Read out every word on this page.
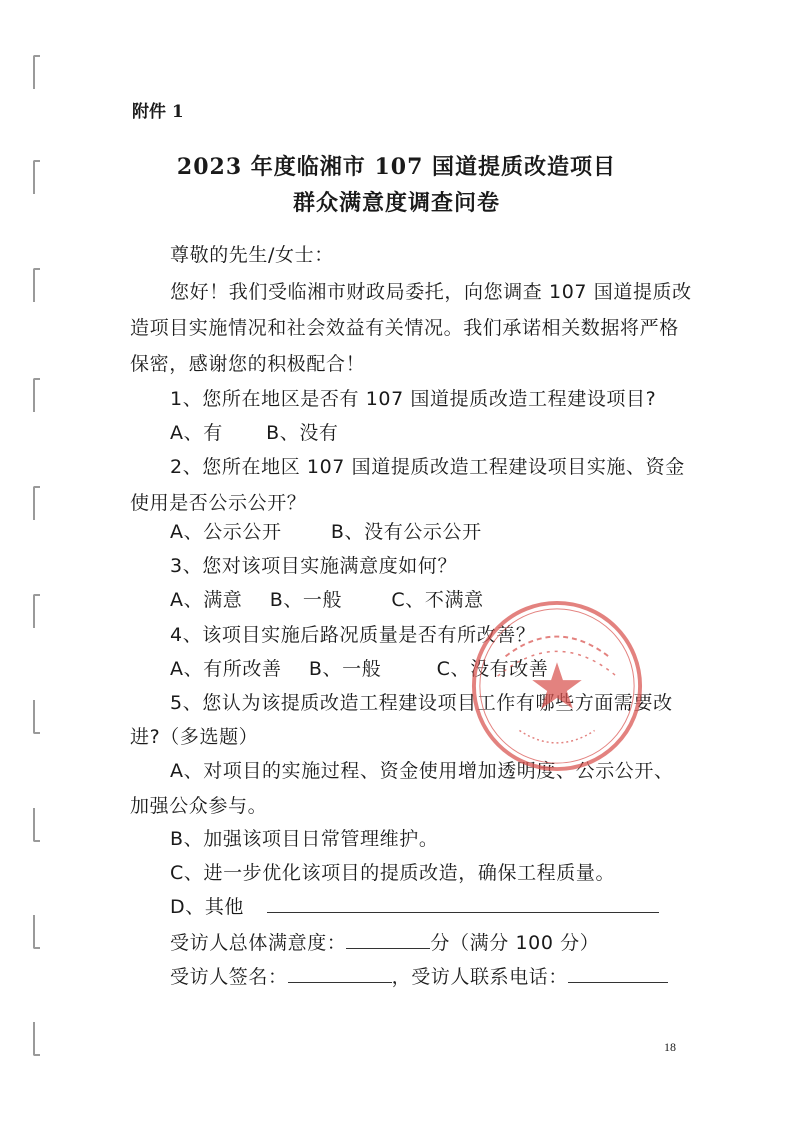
附件 1
2023 年度临湘市 107 国道提质改造项目
群众满意度调查问卷
尊敬的先生/女士：
您好！我们受临湘市财政局委托，向您调查 107 国道提质改
造项目实施情况和社会效益有关情况。我们承诺相关数据将严格
保密，感谢您的积极配合！
1、您所在地区是否有 107 国道提质改造工程建设项目?
A、有 B、没有
2、您所在地区 107 国道提质改造工程建设项目实施、资金
使用是否公示公开？
A、公示公开	B、没有公示公开
3、您对该项目实施满意度如何？
A、满意 B、一般	C、不满意
4、该项目实施后路况质量是否有所改善？
A、有所改善 B、一般	C、没有改善
5、您认为该提质改造工程建设项目工作有哪些方面需要改
进?（多选题）
A、对项目的实施过程、资金使用增加透明度、公示公开、
加强公众参与。
B、加强该项目日常管理维护。
C、进一步优化该项目的提质改造，确保工程质量。
D、其他
受访人总体满意度：	分（满分 100 分）
受访人签名：	，受访人联系电话：
18
